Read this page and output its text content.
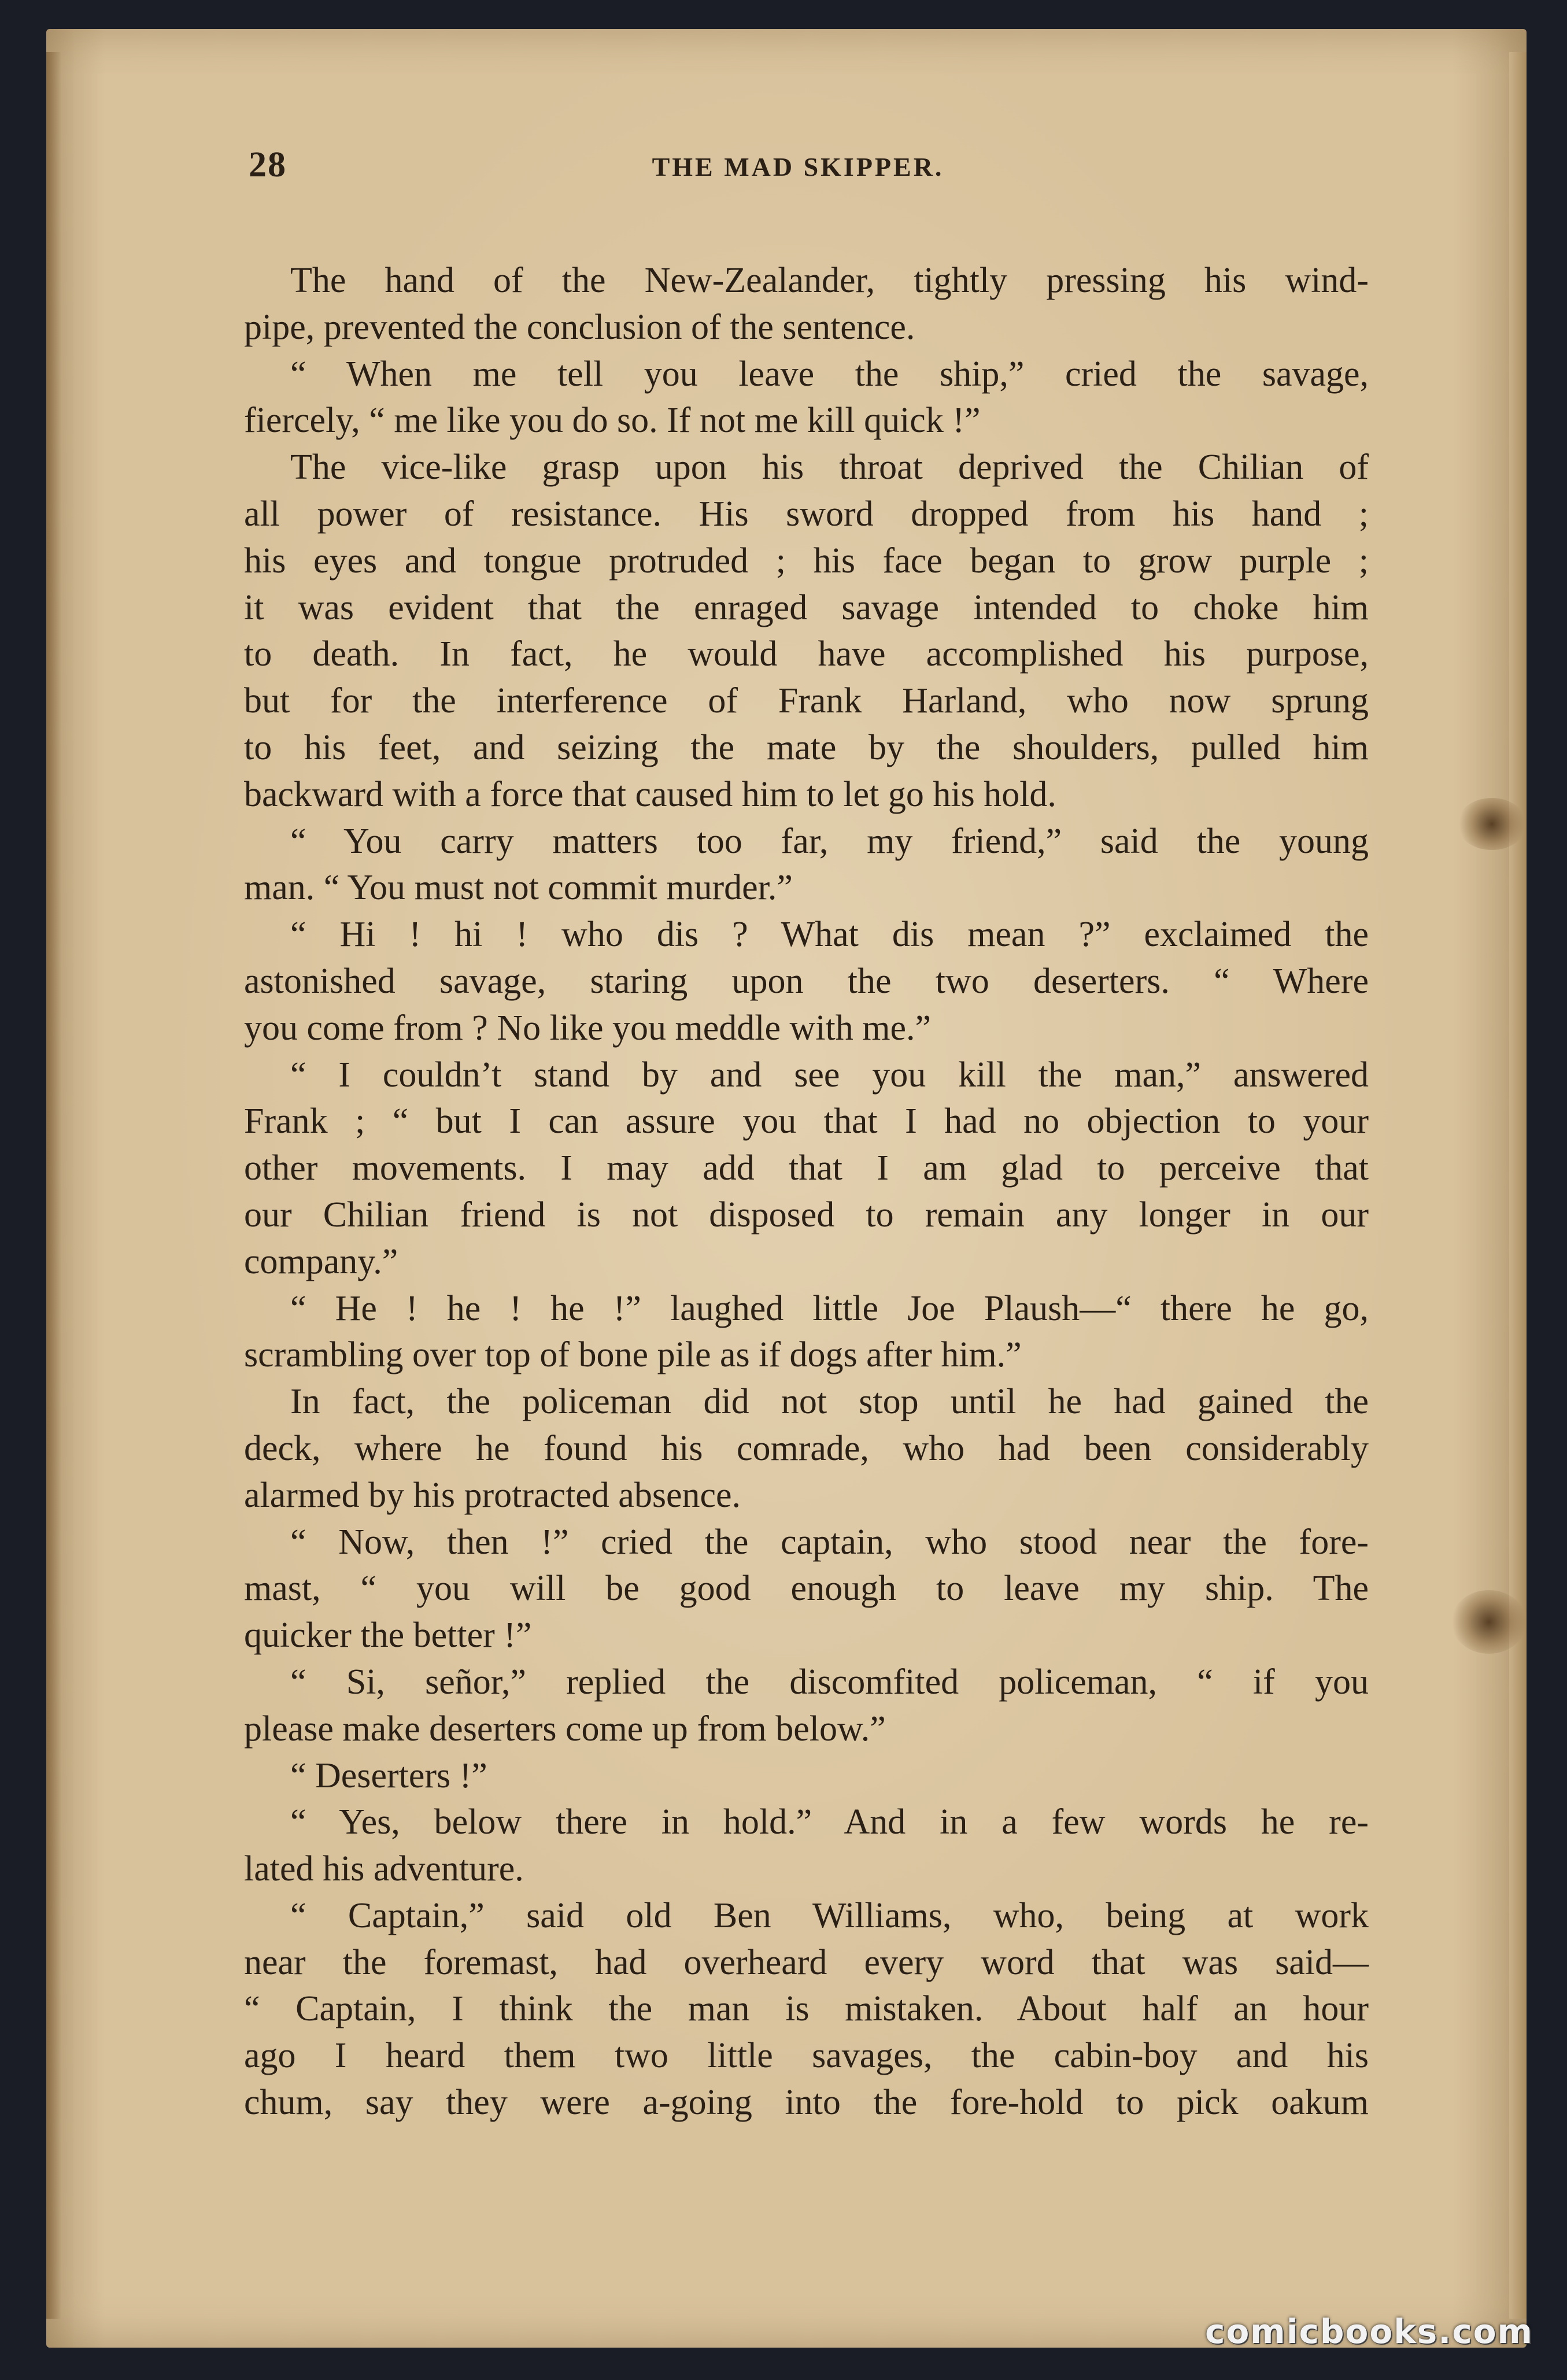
28	THE MAD SKIPPER.
The hand of the New-Zealander, tightly pressing his wind-
pipe, prevented the conclusion of the sentence.
“ When me tell you leave the ship,” cried the savage,
fiercely, “ me like you do so. If not me kill quick !”
The vice-like grasp upon his throat deprived the Chilian of
all power of resistance. His sword dropped from his hand ;
his eyes and tongue protruded ; his face began to grow purple ;
it was evident that the enraged savage intended to choke him
to death. In fact, he would have accomplished his purpose,
but for the interference of Frank Harland, who now sprung
to his feet, and seizing the mate by the shoulders, pulled him
backward with a force that caused him to let go his hold.
“ You carry matters too far, my friend,” said the young
man. “ You must not commit murder.”
“ Hi ! hi ! who dis ? What dis mean ?” exclaimed the
astonished savage, staring upon the two deserters. “ Where
you come from ? No like you meddle with me.”
“ I couldn’t stand by and see you kill the man,” answered
Frank ; “ but I can assure you that I had no objection to your
other movements. I may add that I am glad to perceive that
our Chilian friend is not disposed to remain any longer in our
company.”
“ He ! he ! he !” laughed little Joe Plaush—“ there he go,
scrambling over top of bone pile as if dogs after him.”
In fact, the policeman did not stop until he had gained the
deck, where he found his comrade, who had been considerably
alarmed by his protracted absence.
“ Now, then !” cried the captain, who stood near the fore-
mast, “ you will be good enough to leave my ship. The
quicker the better !”
“ Si, señor,” replied the discomfited policeman, “ if you
please make deserters come up from below.”
“ Deserters !”
“ Yes, below there in hold.” And in a few words he re-
lated his adventure.
“ Captain,” said old Ben Williams, who, being at work
near the foremast, had overheard every word that was said—
“ Captain, I think the man is mistaken. About half an hour
ago I heard them two little savages, the cabin-boy and his
chum, say they were a-going into the fore-hold to pick oakum
comicbooks.com
